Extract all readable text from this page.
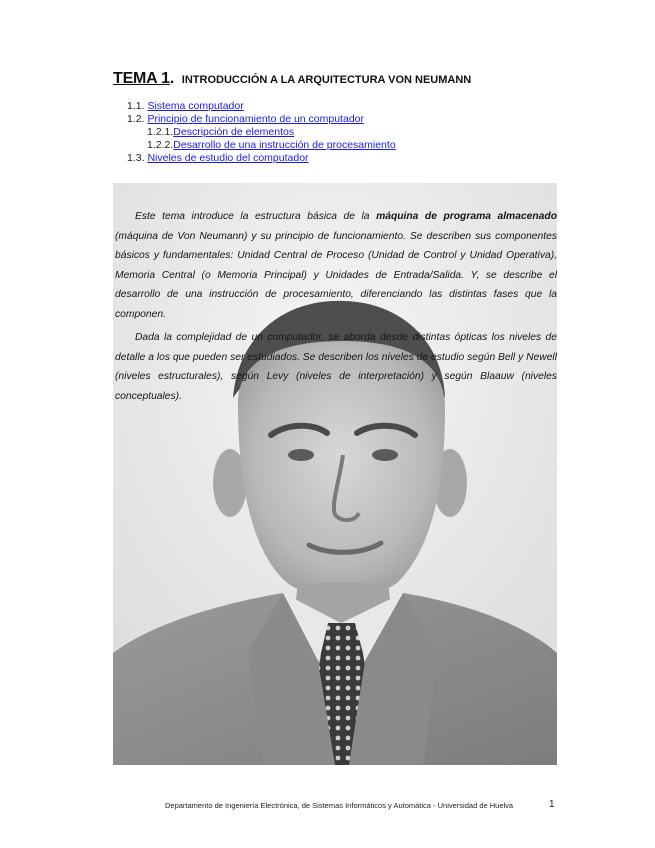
TEMA 1. INTRODUCCIÓN A LA ARQUITECTURA VON NEUMANN
1.1. Sistema computador
1.2. Principio de funcionamiento de un computador
1.2.1.Descripción de elementos
1.2.2.Desarrollo de una instrucción de procesamiento
1.3. Niveles de estudio del computador

Este tema introduce la estructura básica de la máquina de programa almacenado (máquina de Von Neumann) y su principio de funcionamiento. Se describen sus componentes básicos y fundamentales: Unidad Central de Proceso (Unidad de Control y Unidad Operativa), Memoria Central (o Memoria Principal) y Unidades de Entrada/Salida. Y, se describe el desarrollo de una instrucción de procesamiento, diferenciando las distintas fases que la componen.

Dada la complejidad de un computador, se aborda desde distintas ópticas los niveles de detalle a los que pueden ser estudiados. Se describen los niveles de estudio según Bell y Newell (niveles estructurales), según Levy (niveles de interpretación) y según Blaauw (niveles conceptuales).

Departamento de Ingeniería Electrónica, de Sistemas Informáticos y Automática - Universidad de Huelva	1
